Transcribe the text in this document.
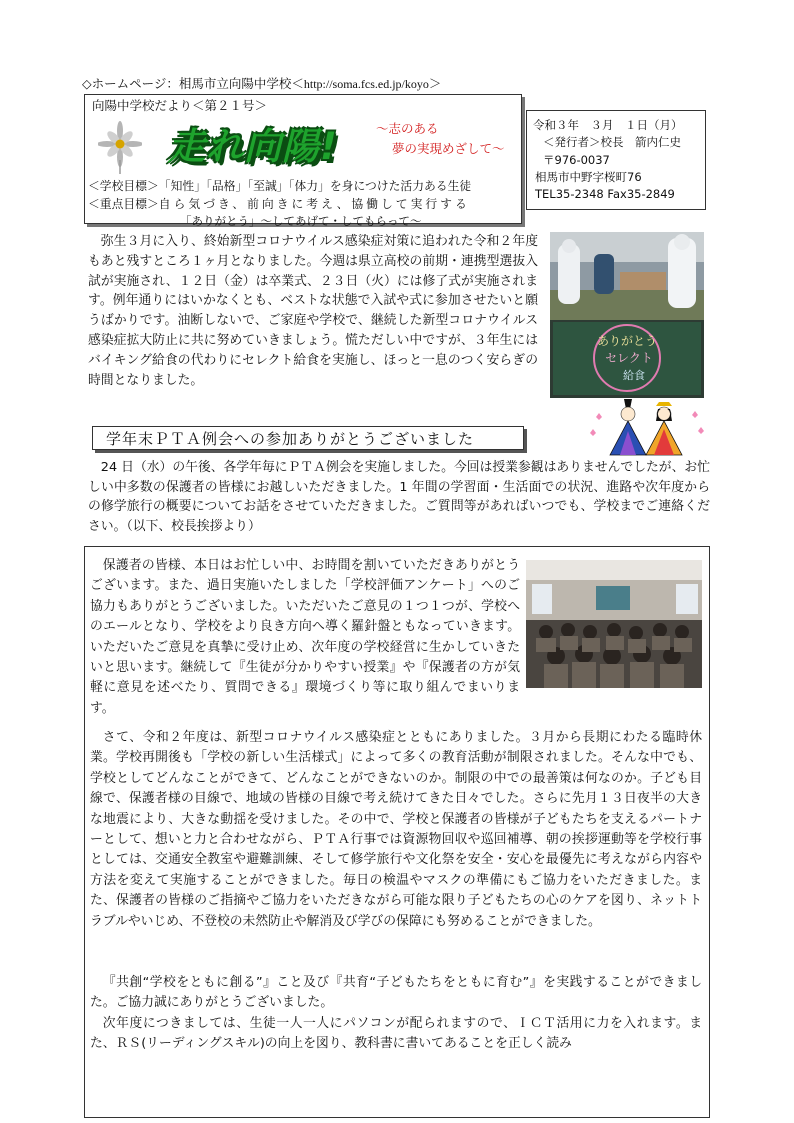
◇ホームページ：相馬市立向陽中学校＜http://soma.fcs.ed.jp/koyo＞
向陽中学校だより＜第２１号＞
走れ向陽!	～志のある
夢の実現めざして～
＜学校目標＞「知性」「品格」「至誠」「体力」を身につけた活力ある生徒
＜重点目標＞自ら気づき、前向きに考え、協働して実行する
「ありがとう」～してあげて・してもらって～
令和３年　３月　１日（月）
＜発行者＞校長　箭内仁史
〒976-0037
相馬市中野字桜町76
TEL35-2348 Fax35-2849

弥生３月に入り、終始新型コロナウイルス感染症対策に追われた令和２年度もあと残すところ１ヶ月となりました。今週は県立高校の前期・連携型選抜入試が実施され、１２日（金）は卒業式、２３日（火）には修了式が実施されます。例年通りにはいかなくとも、ベストな状態で入試や式に参加させたいと願うばかりです。油断しないで、ご家庭や学校で、継続した新型コロナウイルス感染症拡大防止に共に努めていきましょう。慌ただしい中ですが、３年生にはバイキング給食の代わりにセレクト給食を実施し、ほっと一息のつく安らぎの時間となりました。

ありがとう
セレクト
給食
学年末ＰＴＡ例会への参加ありがとうございました

24 日（水）の午後、各学年毎にＰＴＡ例会を実施しました。今回は授業参観はありませんでしたが、お忙しい中多数の保護者の皆様にお越しいただきました。1 年間の学習面・生活面での状況、進路や次年度からの修学旅行の概要についてお話をさせていただきました。ご質問等があればいつでも、学校までご連絡ください。（以下、校長挨拶より）

保護者の皆様、本日はお忙しい中、お時間を割いていただきありがとうございます。また、過日実施いたしました「学校評価アンケート」へのご協力もありがとうございました。いただいたご意見の１つ１つが、学校へのエールとなり、学校をより良き方向へ導く羅針盤ともなっていきます。いただいたご意見を真摯に受け止め、次年度の学校経営に生かしていきたいと思います。継続して『生徒が分かりやすい授業』や『保護者の方が気軽に意見を述べたり、質問できる』環境づくり等に取り組んでまいります。

さて、令和２年度は、新型コロナウイルス感染症とともにありました。３月から長期にわたる臨時休業。学校再開後も「学校の新しい生活様式」によって多くの教育活動が制限されました。そんな中でも、学校としてどんなことができて、どんなことができないのか。制限の中での最善策は何なのか。子ども目線で、保護者様の目線で、地域の皆様の目線で考え続けてきた日々でした。さらに先月１３日夜半の大きな地震により、大きな動揺を受けました。その中で、学校と保護者の皆様が子どもたちを支えるパートナーとして、想いと力と合わせながら、ＰＴＡ行事では資源物回収や巡回補導、朝の挨拶運動等を学校行事としては、交通安全教室や避難訓練、そして修学旅行や文化祭を安全・安心を最優先に考えながら内容や方法を変えて実施することができました。毎日の検温やマスクの準備にもご協力をいただきました。また、保護者の皆様のご指摘やご協力をいただきながら可能な限り子どもたちの心のケアを図り、ネットトラブルやいじめ、不登校の未然防止や解消及び学びの保障にも努めることができました。

『共創“学校をともに創る”』こと及び『共育“子どもたちをともに育む”』を実践することができました。ご協力誠にありがとうございました。

次年度につきましては、生徒一人一人にパソコンが配られますので、ＩＣＴ活用に力を入れます。また、ＲＳ(リーディングスキル)の向上を図り、教科書に書いてあることを正しく読み
